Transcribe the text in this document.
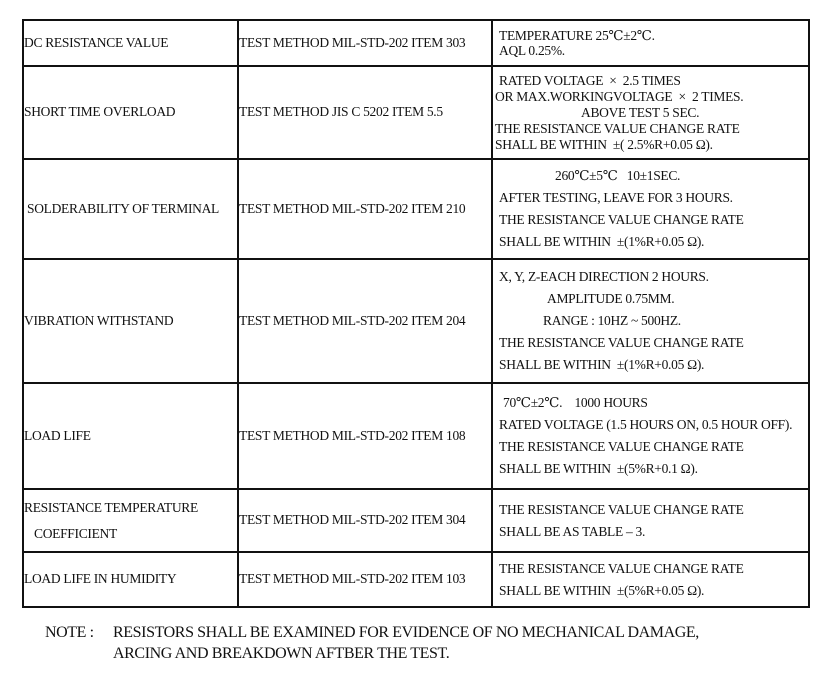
DC RESISTANCE VALUE	TEST METHOD MIL-STD-202 ITEM 303	TEMPERATURE 25℃±2℃.
AQL 0.25%.

SHORT TIME OVERLOAD	TEST METHOD JIS C 5202 ITEM 5.5	RATED VOLTAGE  ×  2.5 TIMES
OR MAX.WORKINGVOLTAGE  ×  2 TIMES.
ABOVE TEST 5 SEC.
THE RESISTANCE VALUE CHANGE RATE
SHALL BE WITHIN  ±( 2.5%R+0.05 Ω).

SOLDERABILITY OF TERMINAL	TEST METHOD MIL-STD-202 ITEM 210	260℃±5℃   10±1SEC.
AFTER TESTING, LEAVE FOR 3 HOURS.
THE RESISTANCE VALUE CHANGE RATE
SHALL BE WITHIN  ±(1%R+0.05 Ω).

VIBRATION WITHSTAND	TEST METHOD MIL-STD-202 ITEM 204	X, Y, Z-EACH DIRECTION 2 HOURS.
AMPLITUDE 0.75MM.
RANGE : 10HZ ~ 500HZ.
THE RESISTANCE VALUE CHANGE RATE
SHALL BE WITHIN  ±(1%R+0.05 Ω).

LOAD LIFE	TEST METHOD MIL-STD-202 ITEM 108	70℃±2℃.    1000 HOURS
RATED VOLTAGE (1.5 HOURS ON, 0.5 HOUR OFF).
THE RESISTANCE VALUE CHANGE RATE
SHALL BE WITHIN  ±(5%R+0.1 Ω).

RESISTANCE TEMPERATURE
COEFFICIENT	TEST METHOD MIL-STD-202 ITEM 304	THE RESISTANCE VALUE CHANGE RATE
SHALL BE AS TABLE – 3.

LOAD LIFE IN HUMIDITY	TEST METHOD MIL-STD-202 ITEM 103	THE RESISTANCE VALUE CHANGE RATE
SHALL BE WITHIN  ±(5%R+0.05 Ω).
NOTE :	RESISTORS SHALL BE EXAMINED FOR EVIDENCE OF NO MECHANICAL DAMAGE,
ARCING AND BREAKDOWN AFTBER THE TEST.
